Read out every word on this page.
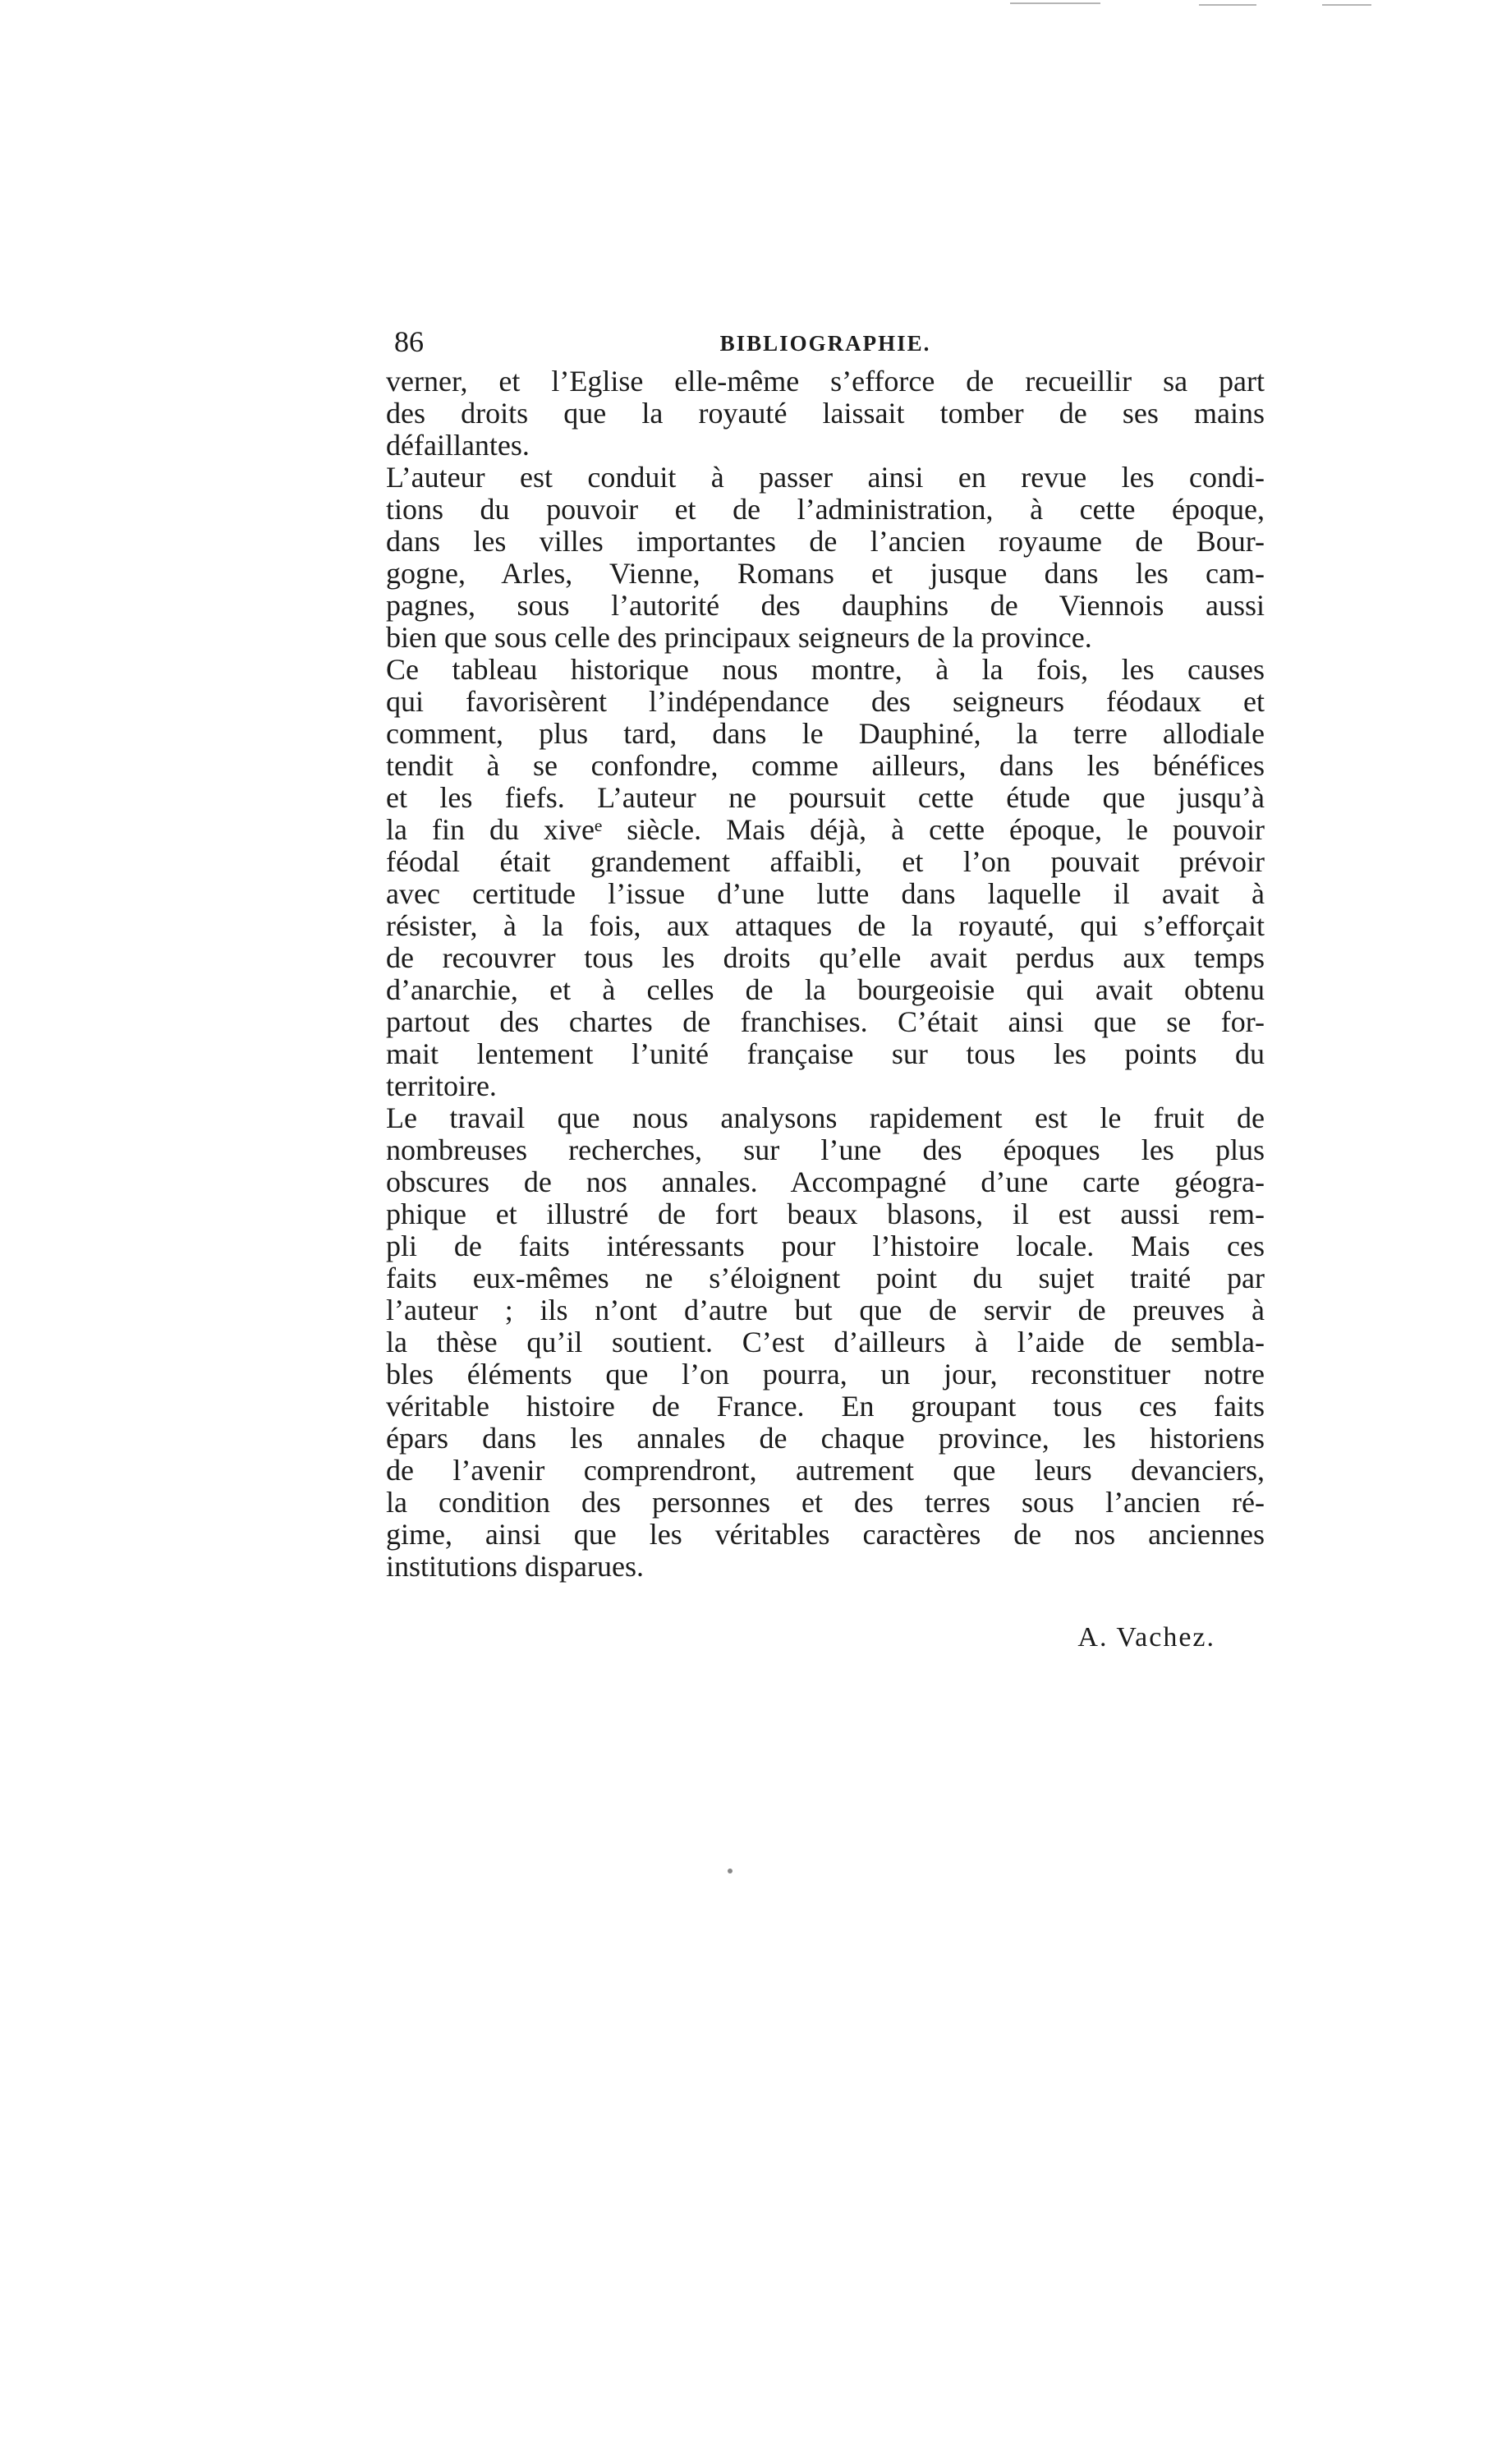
86	BIBLIOGRAPHIE.
verner, et l’Eglise elle-même s’efforce de recueillir sa part
des droits que la royauté laissait tomber de ses mains
défaillantes.
L’auteur est conduit à passer ainsi en revue les condi-
tions du pouvoir et de l’administration, à cette époque,
dans les villes importantes de l’ancien royaume de Bour-
gogne, Arles, Vienne, Romans et jusque dans les cam-
pagnes, sous l’autorité des dauphins de Viennois aussi
bien que sous celle des principaux seigneurs de la province.
Ce tableau historique nous montre, à la fois, les causes
qui favorisèrent l’indépendance des seigneurs féodaux et
comment, plus tard, dans le Dauphiné, la terre allodiale
tendit à se confondre, comme ailleurs, dans les bénéfices
et les fiefs. L’auteur ne poursuit cette étude que jusqu’à
la fin du xiveᵉ siècle. Mais déjà, à cette époque, le pouvoir
féodal était grandement affaibli, et l’on pouvait prévoir
avec certitude l’issue d’une lutte dans laquelle il avait à
résister, à la fois, aux attaques de la royauté, qui s’efforçait
de recouvrer tous les droits qu’elle avait perdus aux temps
d’anarchie, et à celles de la bourgeoisie qui avait obtenu
partout des chartes de franchises. C’était ainsi que se for-
mait lentement l’unité française sur tous les points du
territoire.
Le travail que nous analysons rapidement est le fruit de
nombreuses recherches, sur l’une des époques les plus
obscures de nos annales. Accompagné d’une carte géogra-
phique et illustré de fort beaux blasons, il est aussi rem-
pli de faits intéressants pour l’histoire locale. Mais ces
faits eux-mêmes ne s’éloignent point du sujet traité par
l’auteur ; ils n’ont d’autre but que de servir de preuves à
la thèse qu’il soutient. C’est d’ailleurs à l’aide de sembla-
bles éléments que l’on pourra, un jour, reconstituer notre
véritable histoire de France. En groupant tous ces faits
épars dans les annales de chaque province, les historiens
de l’avenir comprendront, autrement que leurs devanciers,
la condition des personnes et des terres sous l’ancien ré-
gime, ainsi que les véritables caractères de nos anciennes
institutions disparues.
A. Vachez.
